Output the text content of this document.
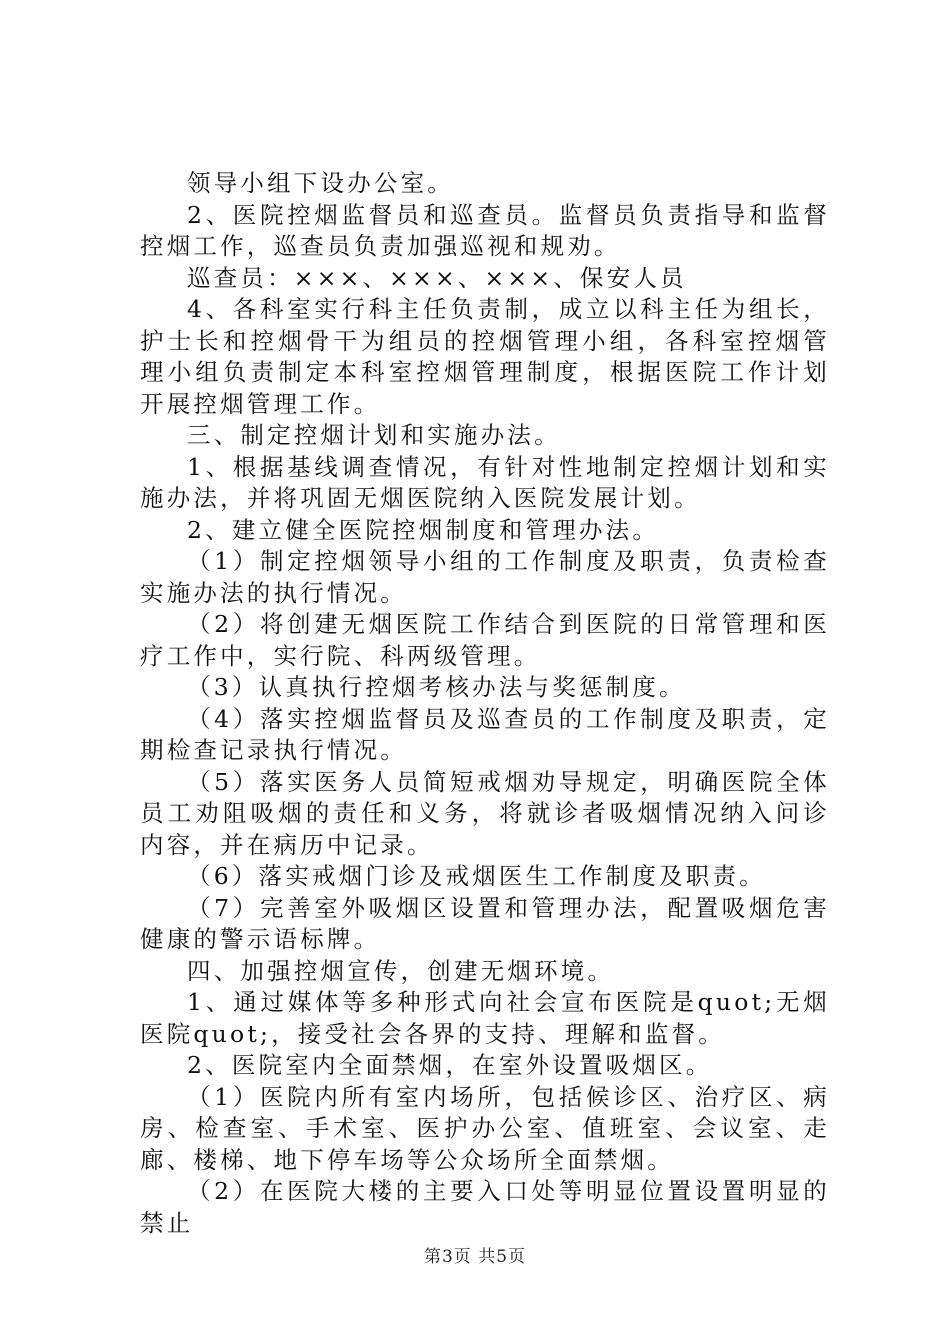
领导小组下设办公室。

2、医院控烟监督员和巡查员。监督员负责指导和监督控烟工作，巡查员负责加强巡视和规劝。

巡查员：×××、×××、×××、保安人员

4、各科室实行科主任负责制，成立以科主任为组长，护士长和控烟骨干为组员的控烟管理小组，各科室控烟管理小组负责制定本科室控烟管理制度，根据医院工作计划开展控烟管理工作。

三、制定控烟计划和实施办法。

1、根据基线调查情况，有针对性地制定控烟计划和实施办法，并将巩固无烟医院纳入医院发展计划。

2、建立健全医院控烟制度和管理办法。

（1）制定控烟领导小组的工作制度及职责，负责检查实施办法的执行情况。

（2）将创建无烟医院工作结合到医院的日常管理和医疗工作中，实行院、科两级管理。

（3）认真执行控烟考核办法与奖惩制度。

（4）落实控烟监督员及巡查员的工作制度及职责，定期检查记录执行情况。

（5）落实医务人员简短戒烟劝导规定，明确医院全体员工劝阻吸烟的责任和义务，将就诊者吸烟情况纳入问诊内容，并在病历中记录。

（6）落实戒烟门诊及戒烟医生工作制度及职责。

（7）完善室外吸烟区设置和管理办法，配置吸烟危害健康的警示语标牌。

四、加强控烟宣传，创建无烟环境。

1、通过媒体等多种形式向社会宣布医院是quot;无烟医院quot;，接受社会各界的支持、理解和监督。

2、医院室内全面禁烟，在室外设置吸烟区。

（1）医院内所有室内场所，包括候诊区、治疗区、病房、检查室、手术室、医护办公室、值班室、会议室、走廊、楼梯、地下停车场等公众场所全面禁烟。

（2）在医院大楼的主要入口处等明显位置设置明显的禁止

第3页 共5页
